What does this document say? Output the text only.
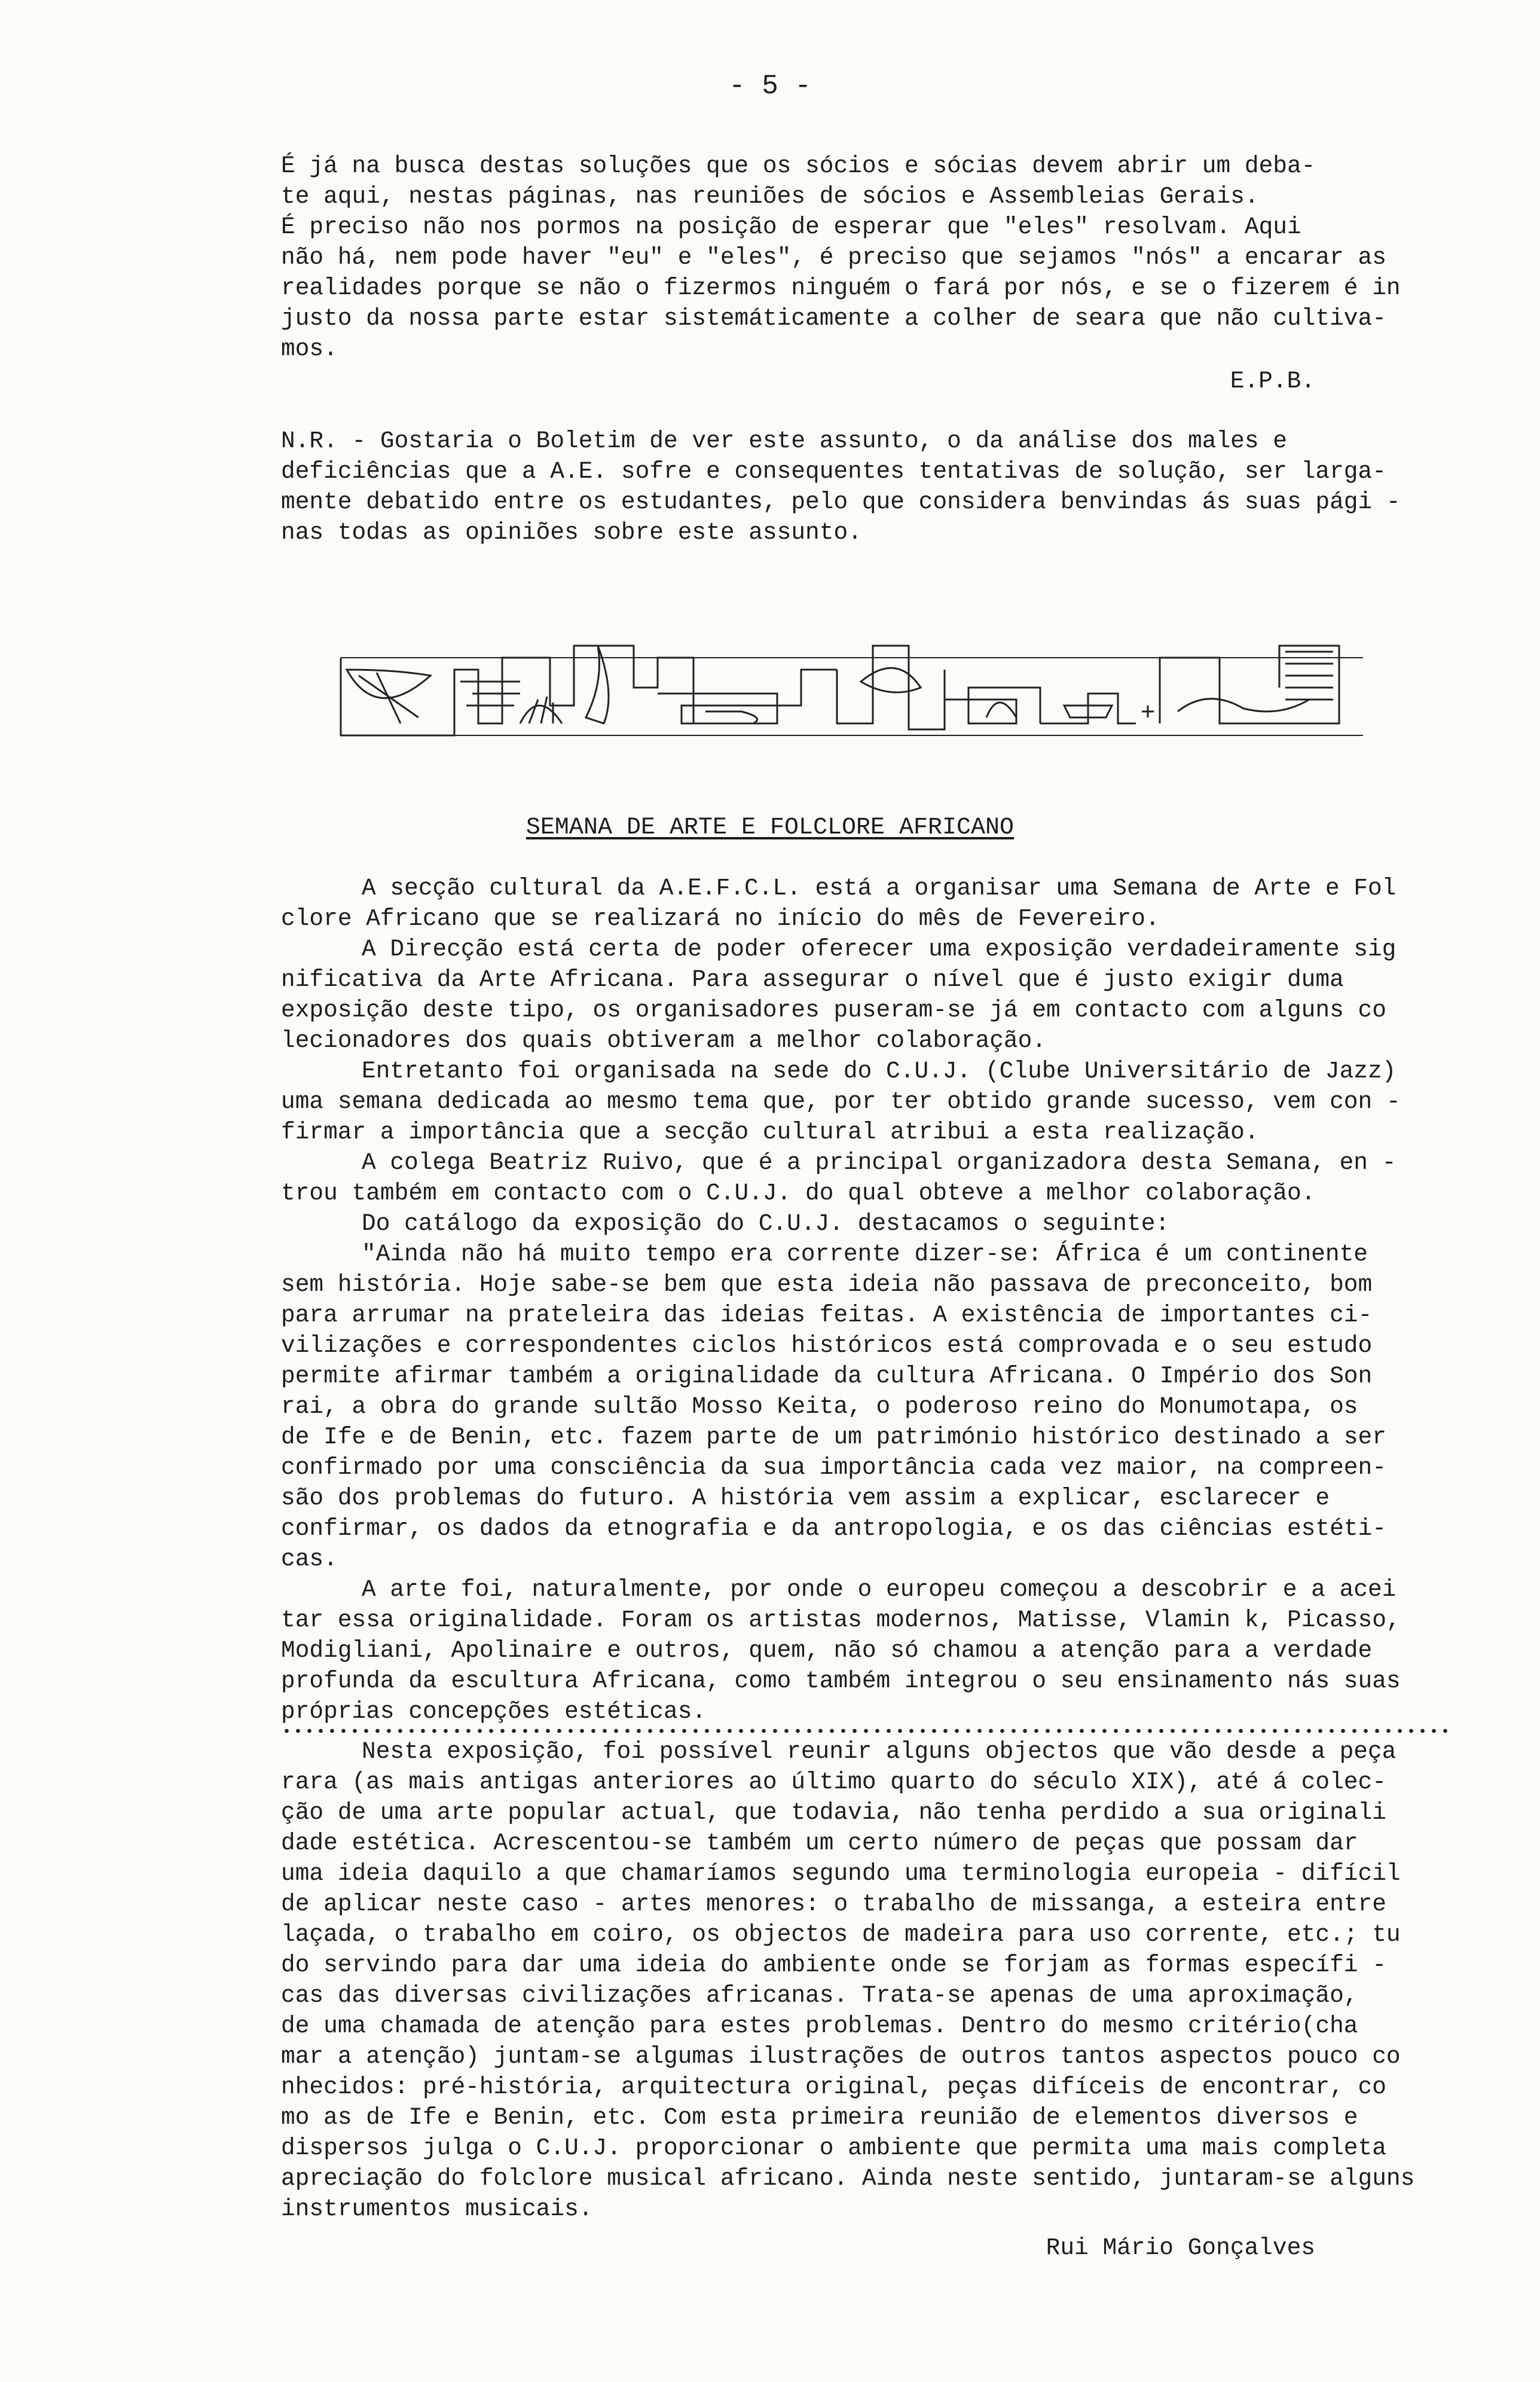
- 5 -
É já na busca destas soluções que os sócios e sócias devem abrir um deba-
te aqui, nestas páginas, nas reuniões de sócios e Assembleias Gerais.
É preciso não nos pormos na posição de esperar que "eles" resolvam. Aqui
não há, nem pode haver "eu" e "eles", é preciso que sejamos "nós" a encarar as
realidades porque se não o fizermos ninguém o fará por nós, e se o fizerem é in
justo da nossa parte estar sistemáticamente a colher de seara que não cultiva-
mos.
E.P.B.
N.R. - Gostaria o Boletim de ver este assunto, o da análise dos males e
deficiências que a A.E. sofre e consequentes tentativas de solução, ser larga-
mente debatido entre os estudantes, pelo que considera benvindas ás suas pági -
nas todas as opiniões sobre este assunto.
SEMANA DE ARTE E FOLCLORE AFRICANO
A secção cultural da A.E.F.C.L. está a organisar uma Semana de Arte e Fol
clore Africano que se realizará no início do mês de Fevereiro.
A Direcção está certa de poder oferecer uma exposição verdadeiramente sig
nificativa da Arte Africana. Para assegurar o nível que é justo exigir duma
exposição deste tipo, os organisadores puseram-se já em contacto com alguns co
lecionadores dos quais obtiveram a melhor colaboração.
Entretanto foi organisada na sede do C.U.J. (Clube Universitário de Jazz)
uma semana dedicada ao mesmo tema que, por ter obtido grande sucesso, vem con -
firmar a importância que a secção cultural atribui a esta realização.
A colega Beatriz Ruivo, que é a principal organizadora desta Semana, en -
trou também em contacto com o C.U.J. do qual obteve a melhor colaboração.
Do catálogo da exposição do C.U.J. destacamos o seguinte:
"Ainda não há muito tempo era corrente dizer-se: África é um continente
sem história. Hoje sabe-se bem que esta ideia não passava de preconceito, bom
para arrumar na prateleira das ideias feitas. A existência de importantes ci-
vilizações e correspondentes ciclos históricos está comprovada e o seu estudo
permite afirmar também a originalidade da cultura Africana. O Império dos Son
rai, a obra do grande sultão Mosso Keita, o poderoso reino do Monumotapa, os
de Ife e de Benin, etc. fazem parte de um património histórico destinado a ser
confirmado por uma consciência da sua importância cada vez maior, na compreen-
são dos problemas do futuro. A história vem assim a explicar, esclarecer e
confirmar, os dados da etnografia e da antropologia, e os das ciências estéti-
cas.
A arte foi, naturalmente, por onde o europeu começou a descobrir e a acei
tar essa originalidade. Foram os artistas modernos, Matisse, Vlamin k, Picasso,
Modigliani, Apolinaire e outros, quem, não só chamou a atenção para a verdade
profunda da escultura Africana, como também integrou o seu ensinamento nás suas
próprias concepções estéticas.
Nesta exposição, foi possível reunir alguns objectos que vão desde a peça
rara (as mais antigas anteriores ao último quarto do século XIX), até á colec-
ção de uma arte popular actual, que todavia, não tenha perdido a sua originali
dade estética. Acrescentou-se também um certo número de peças que possam dar
uma ideia daquilo a que chamaríamos segundo uma terminologia europeia - difícil
de aplicar neste caso - artes menores: o trabalho de missanga, a esteira entre
laçada, o trabalho em coiro, os objectos de madeira para uso corrente, etc.; tu
do servindo para dar uma ideia do ambiente onde se forjam as formas específi -
cas das diversas civilizações africanas. Trata-se apenas de uma aproximação,
de uma chamada de atenção para estes problemas. Dentro do mesmo critério(cha
mar a atenção) juntam-se algumas ilustrações de outros tantos aspectos pouco co
nhecidos: pré-história, arquitectura original, peças difíceis de encontrar, co
mo as de Ife e Benin, etc. Com esta primeira reunião de elementos diversos e
dispersos julga o C.U.J. proporcionar o ambiente que permita uma mais completa
apreciação do folclore musical africano. Ainda neste sentido, juntaram-se alguns
instrumentos musicais.
Rui Mário Gonçalves
